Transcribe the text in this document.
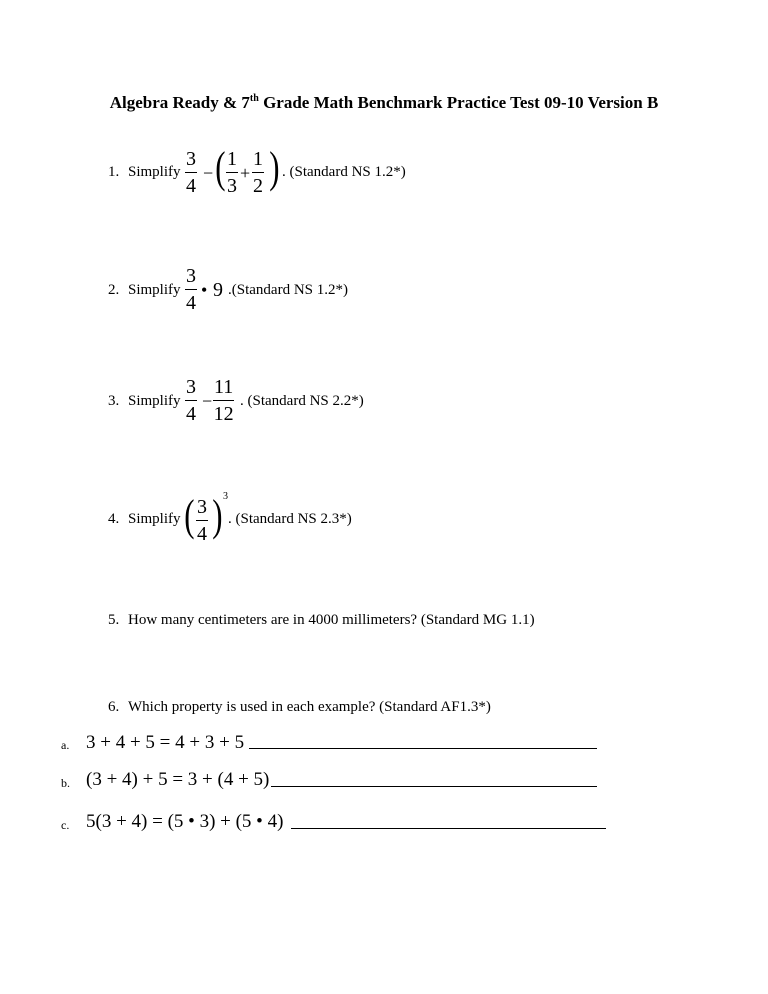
Algebra Ready & 7th Grade Math Benchmark Practice Test 09-10 Version B
1. Simplify $\frac{3}{4}$ − ( $\frac{1}{3} + \frac{1}{2}$ ) . (Standard NS 1.2*)
2. Simplify $\frac{3}{4}$ • 9 .(Standard NS 1.2*)
3. Simplify $\frac{3}{4} - \frac{11}{12}$ . (Standard NS 2.2*)
4. Simplify ( $\frac{3}{4}$ ) 3
. (Standard NS 2.3*)
5. How many centimeters are in 4000 millimeters? (Standard MG 1.1)
6. Which property is used in each example? (Standard AF1.3*)
a. 3 + 4 + 5 = 4 + 3 + 5
b. (3 + 4) + 5 = 3 + (4 + 5)
c. 5(3 + 4) = (5 • 3) + (5 • 4)
